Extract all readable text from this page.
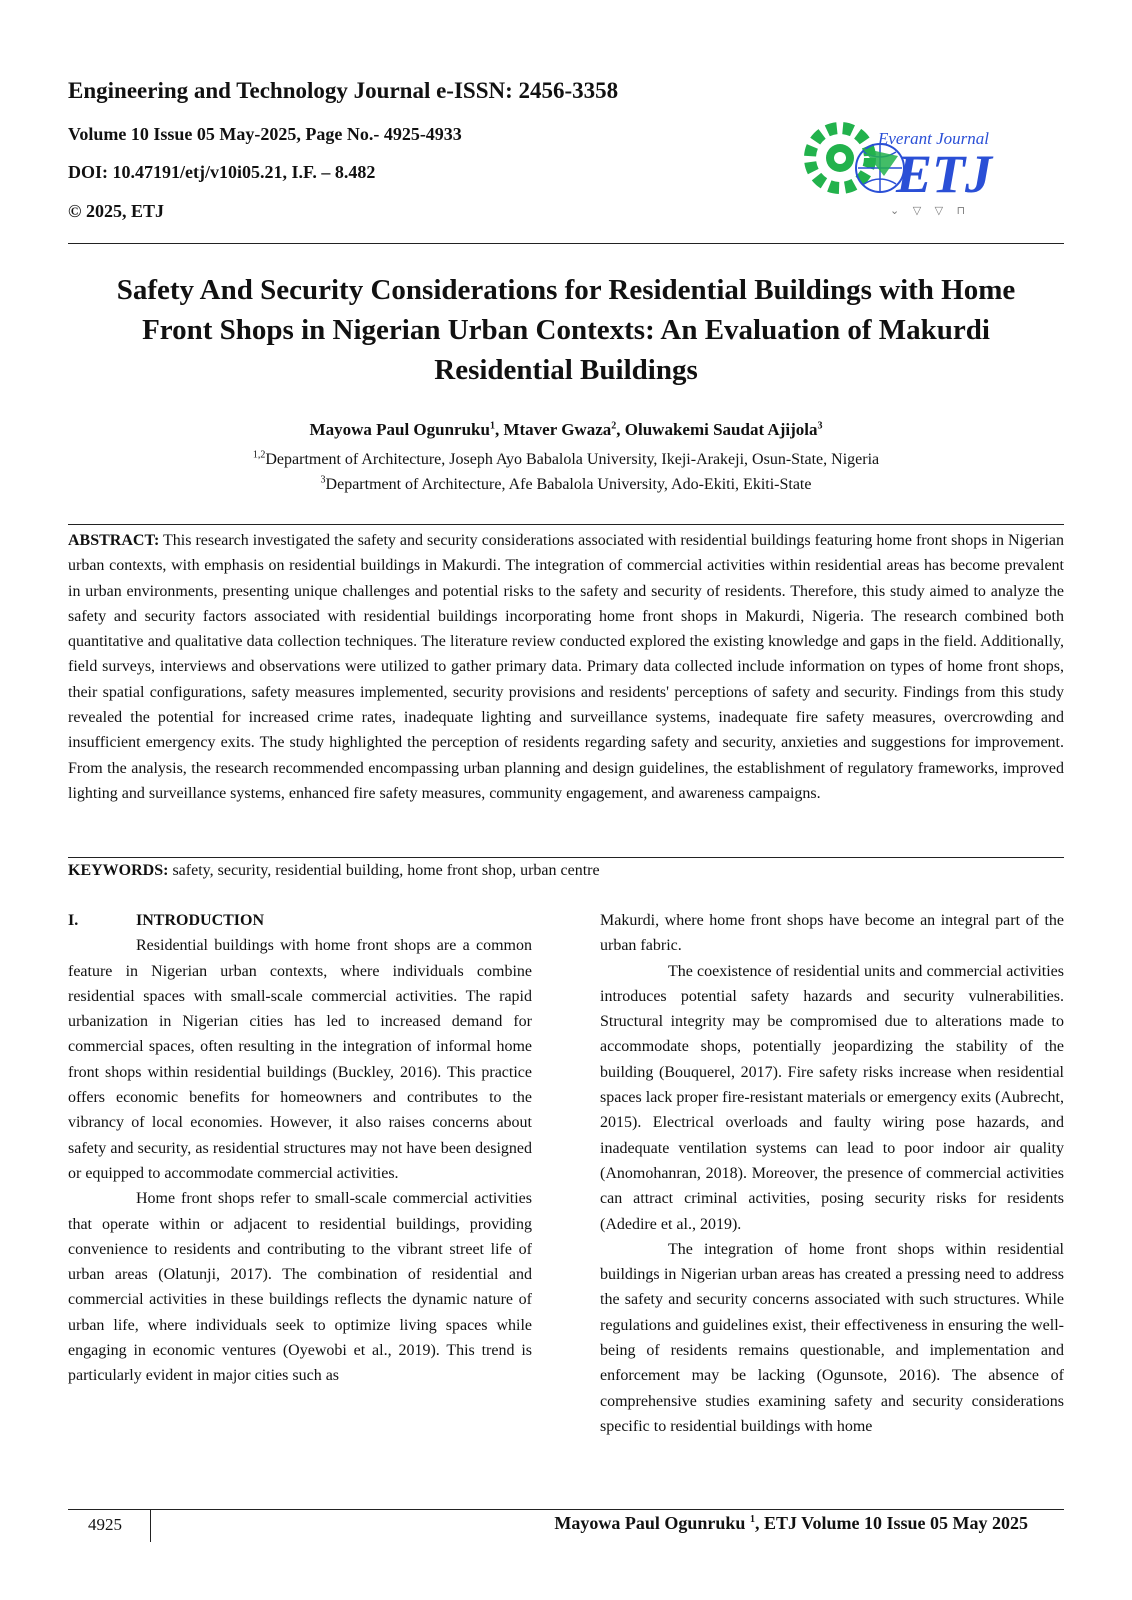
Engineering and Technology Journal e-ISSN: 2456-3358
Volume 10 Issue 05 May-2025, Page No.- 4925-4933
DOI: 10.47191/etj/v10i05.21, I.F. – 8.482
© 2025, ETJ
Everant Journal
ETJ
⌄ ▽ ▽ ⊓
Safety And Security Considerations for Residential Buildings with Home Front Shops in Nigerian Urban Contexts: An Evaluation of Makurdi Residential Buildings
Mayowa Paul Ogunruku$^1$, Mtaver Gwaza$^2$, Oluwakemi Saudat Ajijola$^3$
$^{1,2}$Department of Architecture, Joseph Ayo Babalola University, Ikeji-Arakeji, Osun-State, Nigeria
$^3$Department of Architecture, Afe Babalola University, Ado-Ekiti, Ekiti-State

ABSTRACT: This research investigated the safety and security considerations associated with residential buildings featuring home front shops in Nigerian urban contexts, with emphasis on residential buildings in Makurdi. The integration of commercial activities within residential areas has become prevalent in urban environments, presenting unique challenges and potential risks to the safety and security of residents. Therefore, this study aimed to analyze the safety and security factors associated with residential buildings incorporating home front shops in Makurdi, Nigeria. The research combined both quantitative and qualitative data collection techniques. The literature review conducted explored the existing knowledge and gaps in the field. Additionally, field surveys, interviews and observations were utilized to gather primary data. Primary data collected include information on types of home front shops, their spatial configurations, safety measures implemented, security provisions and residents' perceptions of safety and security. Findings from this study revealed the potential for increased crime rates, inadequate lighting and surveillance systems, inadequate fire safety measures, overcrowding and insufficient emergency exits. The study highlighted the perception of residents regarding safety and security, anxieties and suggestions for improvement. From the analysis, the research recommended encompassing urban planning and design guidelines, the establishment of regulatory frameworks, improved lighting and surveillance systems, enhanced fire safety measures, community engagement, and awareness campaigns.

KEYWORDS: safety, security, residential building, home front shop, urban centre
I.	INTRODUCTION

Residential buildings with home front shops are a common feature in Nigerian urban contexts, where individuals combine residential spaces with small-scale commercial activities. The rapid urbanization in Nigerian cities has led to increased demand for commercial spaces, often resulting in the integration of informal home front shops within residential buildings (Buckley, 2016). This practice offers economic benefits for homeowners and contributes to the vibrancy of local economies. However, it also raises concerns about safety and security, as residential structures may not have been designed or equipped to accommodate commercial activities.

Home front shops refer to small-scale commercial activities that operate within or adjacent to residential buildings, providing convenience to residents and contributing to the vibrant street life of urban areas (Olatunji, 2017). The combination of residential and commercial activities in these buildings reflects the dynamic nature of urban life, where individuals seek to optimize living spaces while engaging in economic ventures (Oyewobi et al., 2019). This trend is particularly evident in major cities such as

Makurdi, where home front shops have become an integral part of the urban fabric.

The coexistence of residential units and commercial activities introduces potential safety hazards and security vulnerabilities. Structural integrity may be compromised due to alterations made to accommodate shops, potentially jeopardizing the stability of the building (Bouquerel, 2017). Fire safety risks increase when residential spaces lack proper fire-resistant materials or emergency exits (Aubrecht, 2015). Electrical overloads and faulty wiring pose hazards, and inadequate ventilation systems can lead to poor indoor air quality (Anomohanran, 2018). Moreover, the presence of commercial activities can attract criminal activities, posing security risks for residents (Adedire et al., 2019).

The integration of home front shops within residential buildings in Nigerian urban areas has created a pressing need to address the safety and security concerns associated with such structures. While regulations and guidelines exist, their effectiveness in ensuring the well-being of residents remains questionable, and implementation and enforcement may be lacking (Ogunsote, 2016). The absence of comprehensive studies examining safety and security considerations specific to residential buildings with home

4925	Mayowa Paul Ogunruku $^1$, ETJ Volume 10 Issue 05 May 2025
